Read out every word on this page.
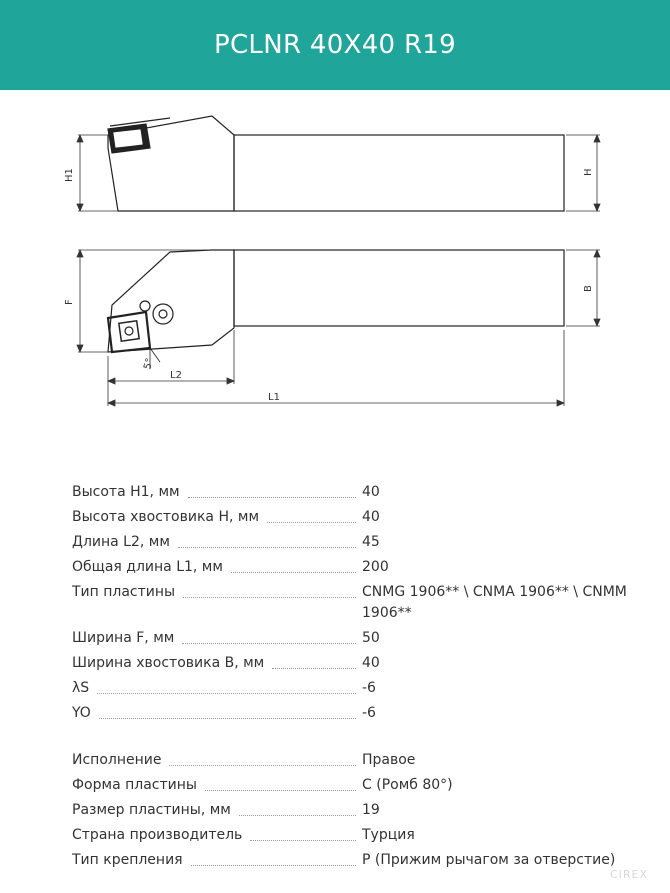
PCLNR 40X40 R19
H1	H
F
B
L2
L1
5°
Высота H1, мм	40
Высота хвостовика H, мм	40
Длина L2, мм	45
Общая длина L1, мм	200
Тип пластины	CNMG 1906** \ CNMA 1906** \ CNMM 1906**
Ширина F, мм	50
Ширина хвостовика B, мм	40
λS	-6
YO	-6
Исполнение	Правое
Форма пластины	C (Ромб 80°)
Размер пластины, мм	19
Страна производитель	Турция
Тип крепления	P (Прижим рычагом за отверстие)
CIREX
